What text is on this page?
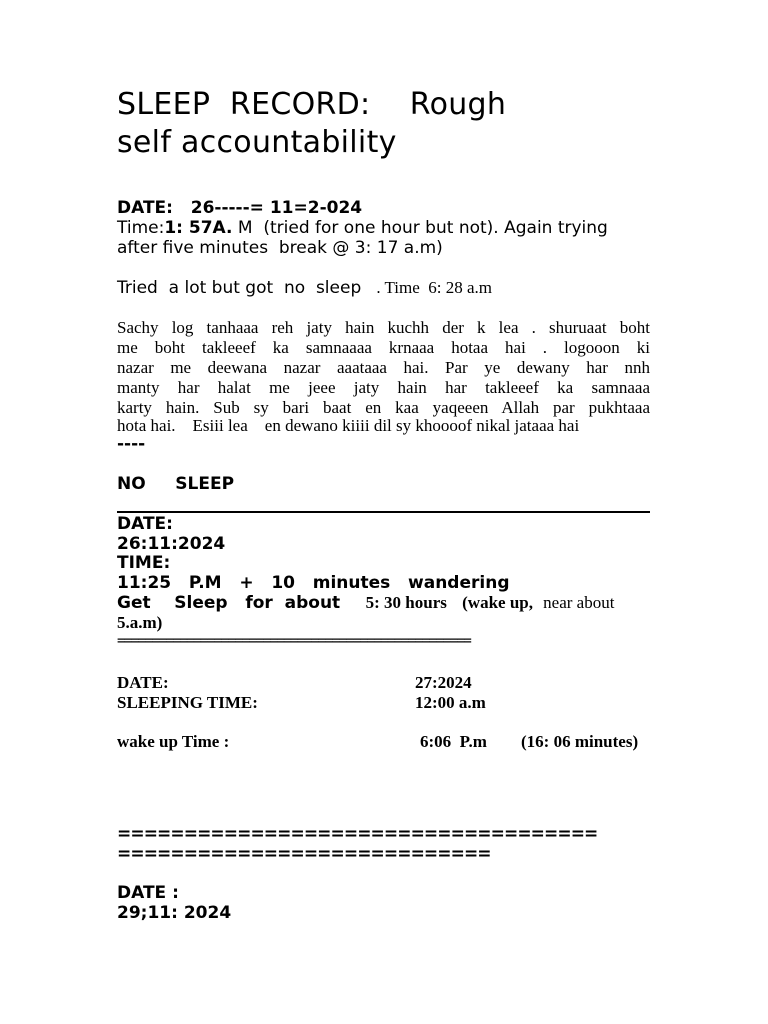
SLEEP  RECORD:    Rough
self accountability
DATE: 26-----= 11=2-024
Time:1: 57A. M  (tried for one hour but not). Again trying
after five minutes  break @ 3: 17 a.m)
Tried  a lot but got  no  sleep   . Time  6: 28 a.m
Sachy log tanhaaa reh jaty hain kuchh der k lea . shuruaat boht
me boht takleeef ka samnaaaa krnaaa hotaa hai . logooon ki
nazar me deewana nazar aaataaa hai. Par ye dewany har nnh
manty har halat me jeee jaty hain har takleeef ka samnaaa
karty hain. Sub sy bari baat en kaa yaqeeen Allah par pukhtaaa
hota hai.    Esiii lea    en dewano kiiii dil sy khoooof nikal jataaa hai
----
NO     SLEEP
DATE:
26:11:2024
TIME:
11:25   P.M   +   10   minutes   wandering
Get    Sleep   for  about 5: 30 hours (wake up, near about
5.a.m)
===================================================
DATE:	27:2024
SLEEPING TIME:	12:00 a.m
wake up Time :	6:06  P.m (16: 06 minutes)
====================================
============================
DATE :
29;11: 2024
